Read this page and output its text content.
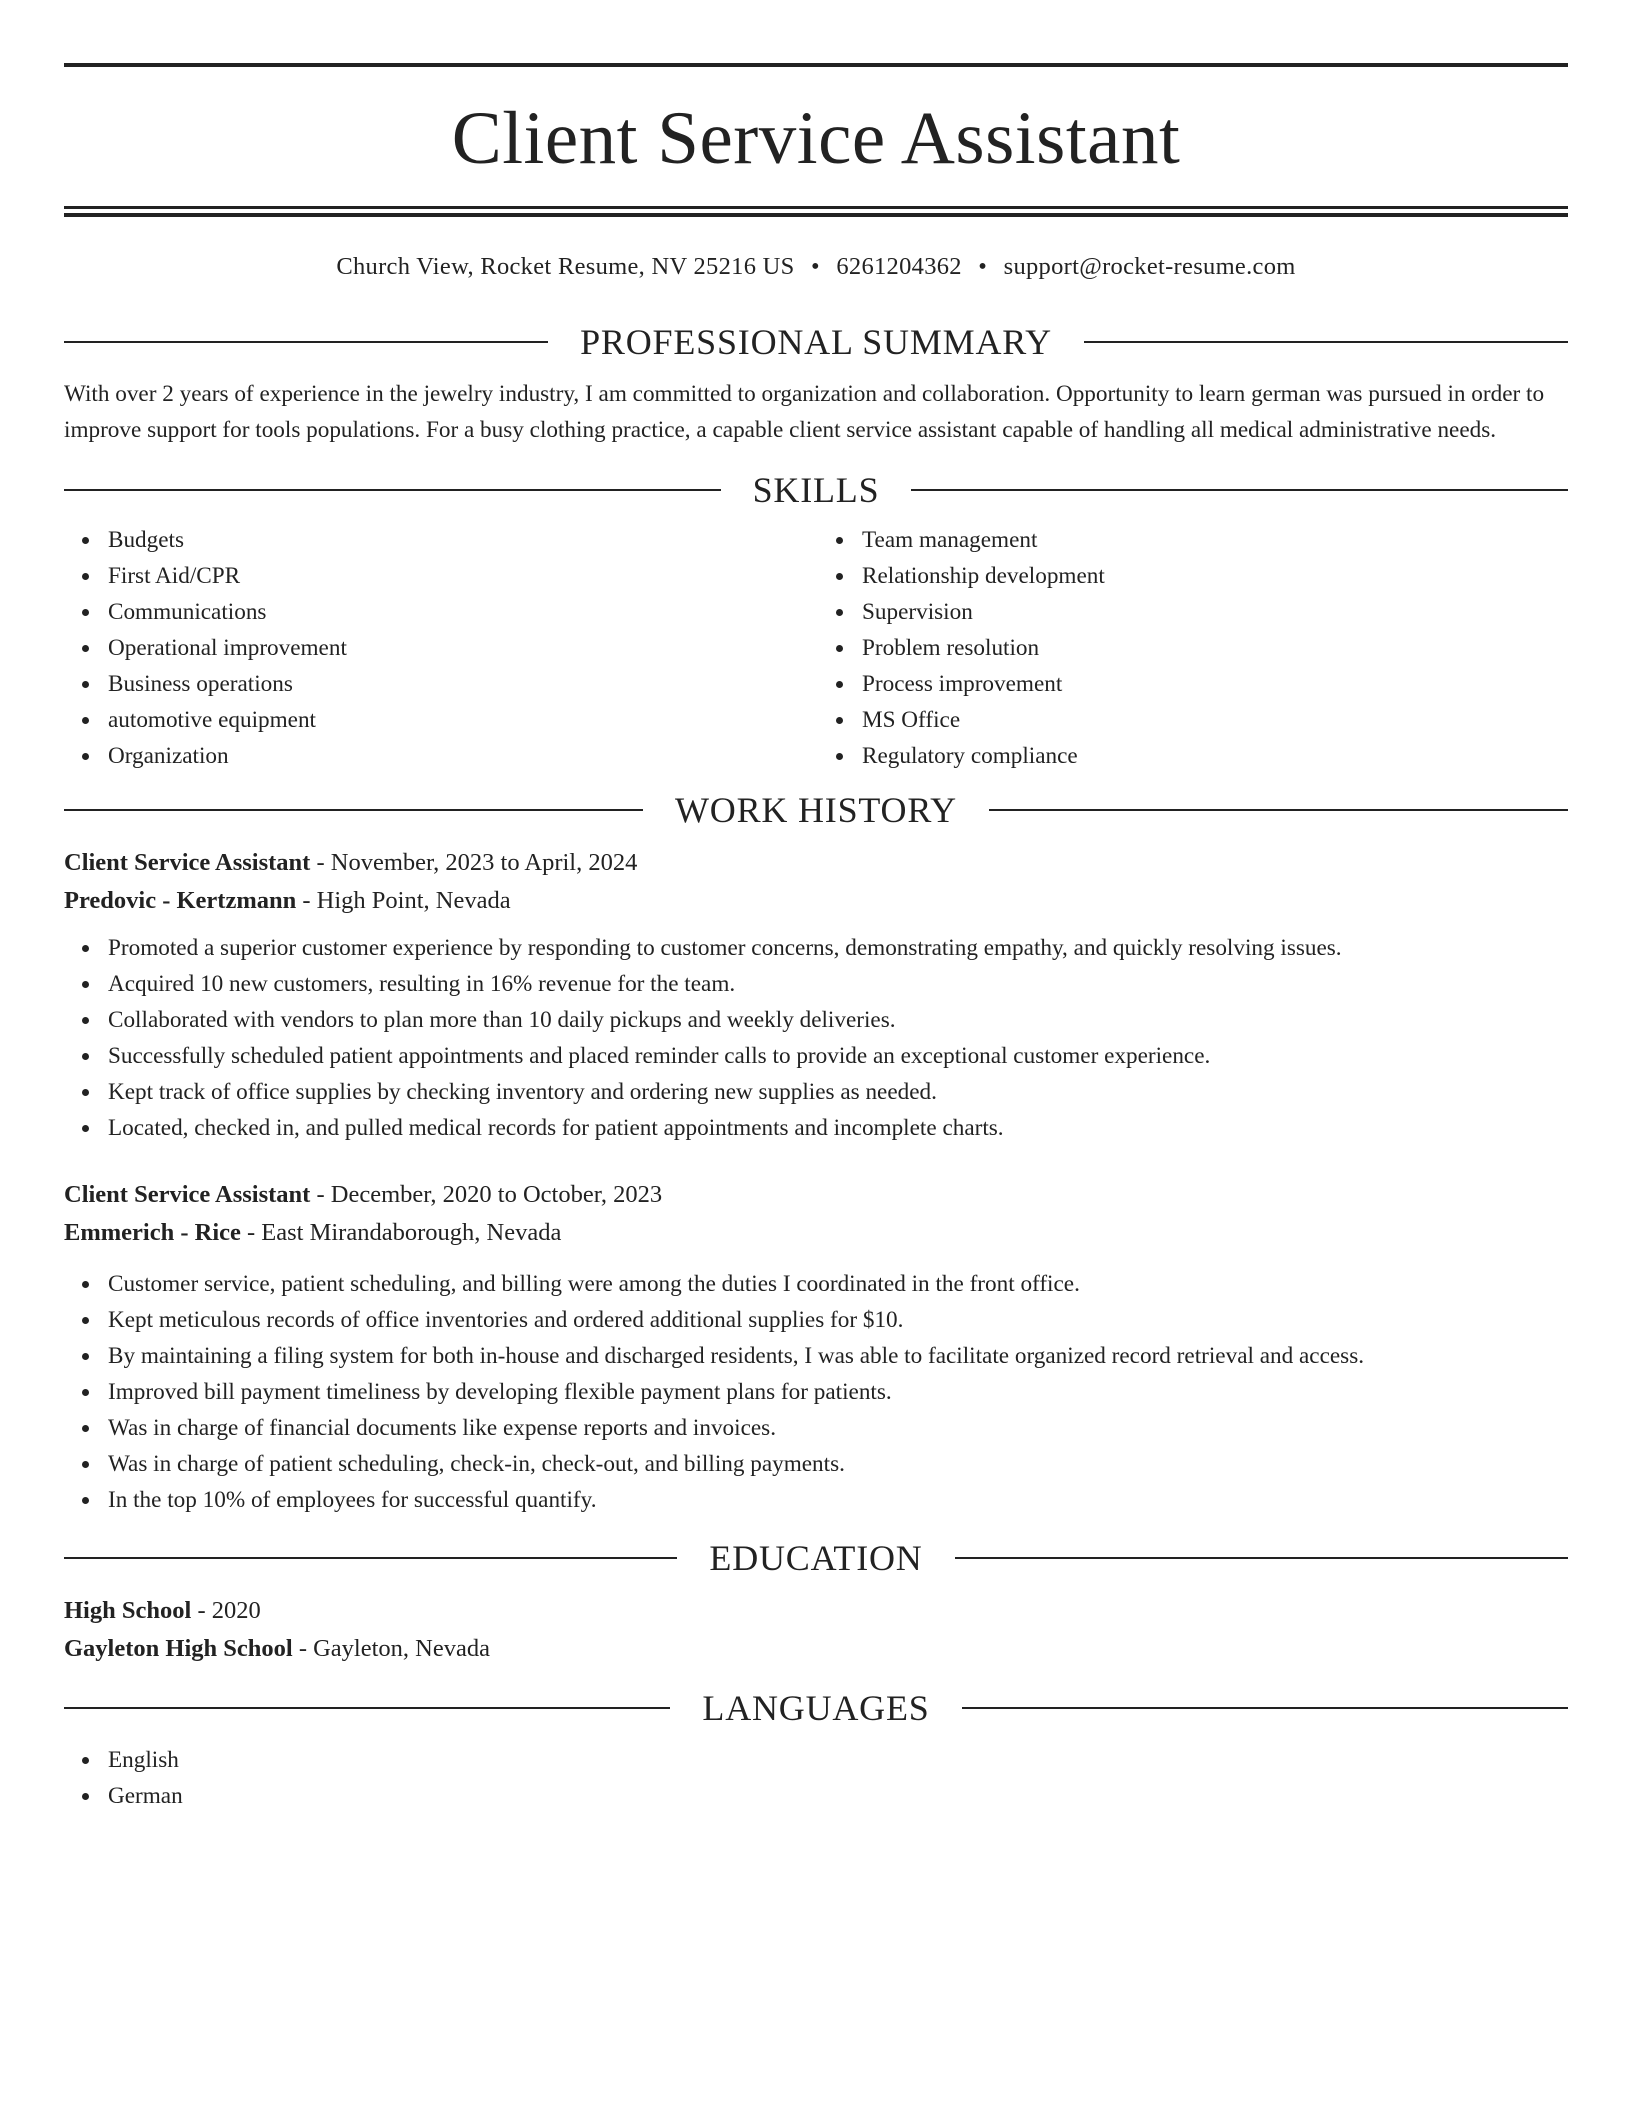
Client Service Assistant
Church View, Rocket Resume, NV 25216 US • 6261204362 • support@rocket-resume.com
PROFESSIONAL SUMMARY

With over 2 years of experience in the jewelry industry, I am committed to organization and collaboration. Opportunity to learn german was pursued in order to improve support for tools populations. For a busy clothing practice, a capable client service assistant capable of handling all medical administrative needs.

SKILLS
Budgets
First Aid/CPR
Communications
Operational improvement
Business operations
automotive equipment
Organization
Team management
Relationship development
Supervision
Problem resolution
Process improvement
MS Office
Regulatory compliance
WORK HISTORY
Client Service Assistant - November, 2023 to April, 2024
Predovic - Kertzmann - High Point, Nevada
Promoted a superior customer experience by responding to customer concerns, demonstrating empathy, and quickly resolving issues.
Acquired 10 new customers, resulting in 16% revenue for the team.
Collaborated with vendors to plan more than 10 daily pickups and weekly deliveries.
Successfully scheduled patient appointments and placed reminder calls to provide an exceptional customer experience.
Kept track of office supplies by checking inventory and ordering new supplies as needed.
Located, checked in, and pulled medical records for patient appointments and incomplete charts.
Client Service Assistant - December, 2020 to October, 2023
Emmerich - Rice - East Mirandaborough, Nevada
Customer service, patient scheduling, and billing were among the duties I coordinated in the front office.
Kept meticulous records of office inventories and ordered additional supplies for $10.
By maintaining a filing system for both in-house and discharged residents, I was able to facilitate organized record retrieval and access.
Improved bill payment timeliness by developing flexible payment plans for patients.
Was in charge of financial documents like expense reports and invoices.
Was in charge of patient scheduling, check-in, check-out, and billing payments.
In the top 10% of employees for successful quantify.
EDUCATION
High School - 2020
Gayleton High School - Gayleton, Nevada
LANGUAGES
English
German
